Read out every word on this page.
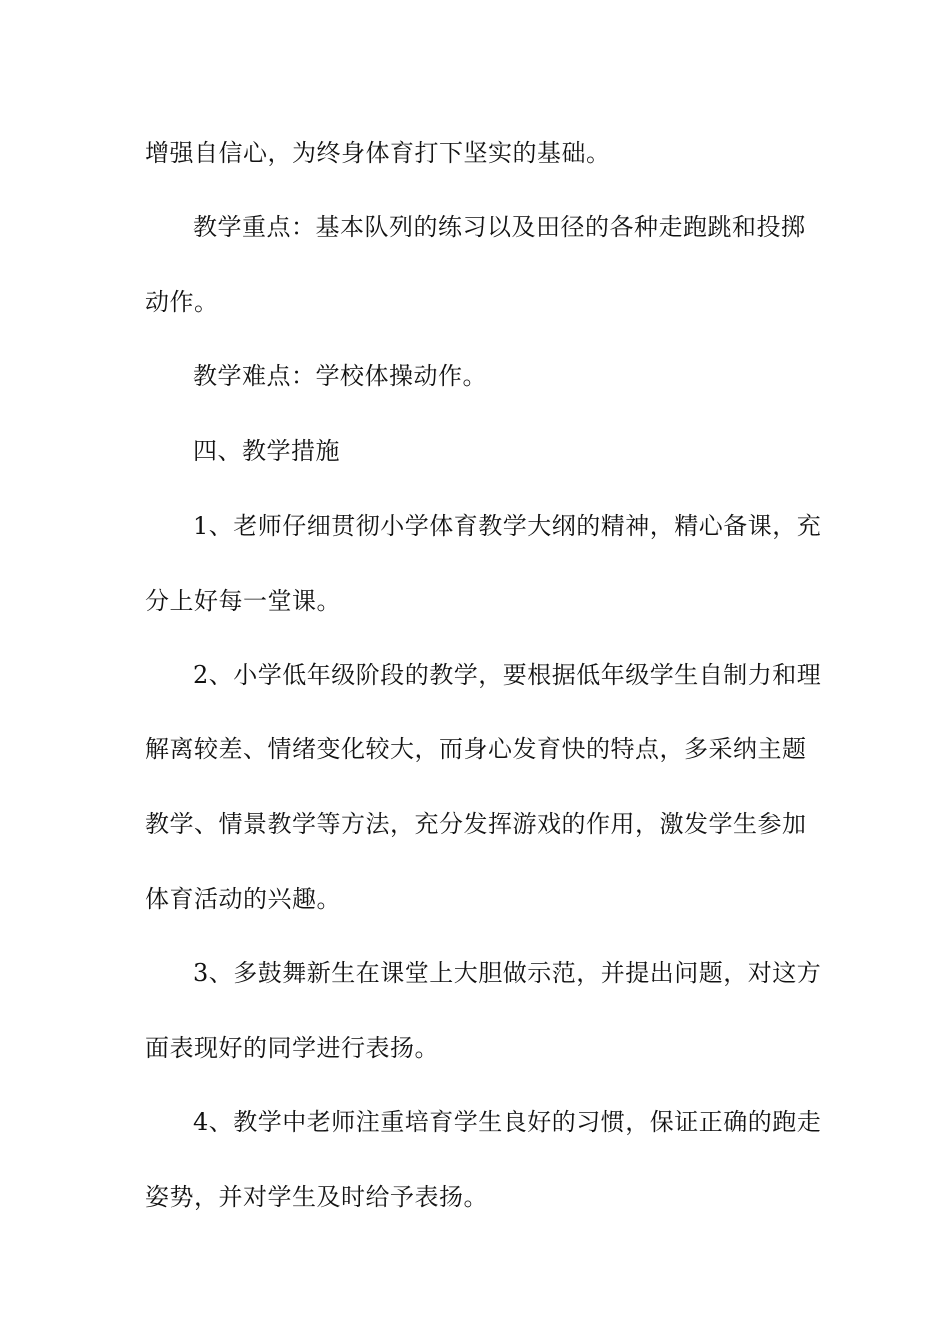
增强自信心，为终身体育打下坚实的基础。
教学重点：基本队列的练习以及田径的各种走跑跳和投掷
动作。
教学难点：学校体操动作。
四、教学措施
1、老师仔细贯彻小学体育教学大纲的精神，精心备课，充
分上好每一堂课。
2、小学低年级阶段的教学，要根据低年级学生自制力和理
解离较差、情绪变化较大，而身心发育快的特点，多采纳主题
教学、情景教学等方法，充分发挥游戏的作用，激发学生参加
体育活动的兴趣。
3、多鼓舞新生在课堂上大胆做示范，并提出问题，对这方
面表现好的同学进行表扬。
4、教学中老师注重培育学生良好的习惯，保证正确的跑走
姿势，并对学生及时给予表扬。
